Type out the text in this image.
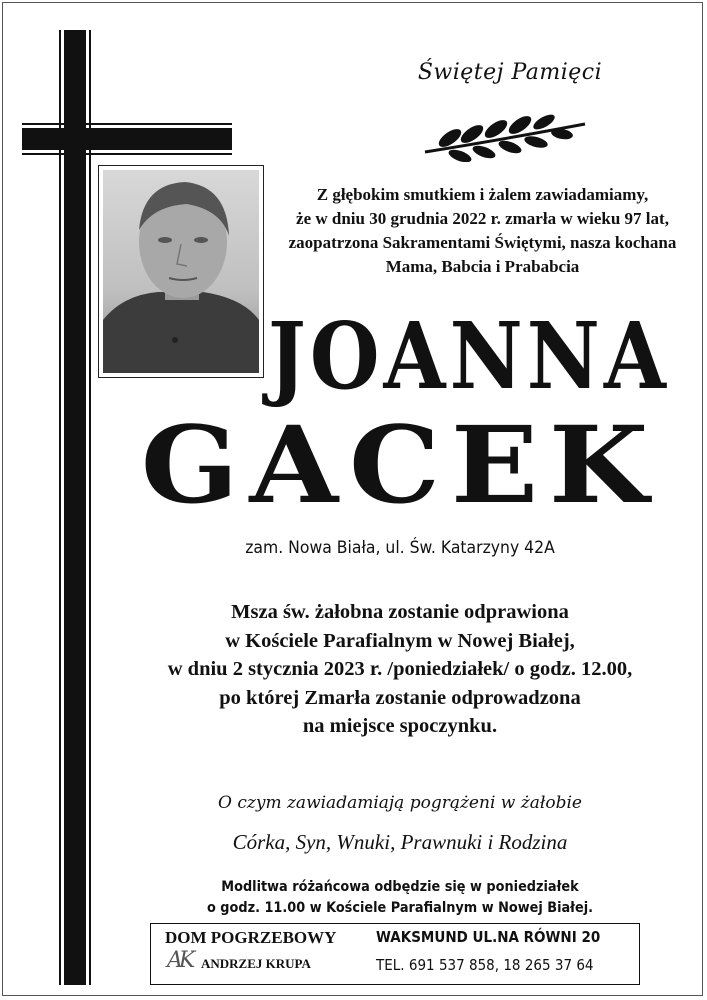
Świętej Pamięci
Z głębokim smutkiem i żalem zawiadamiamy,
że w dniu 30 grudnia 2022 r. zmarła w wieku 97 lat,
zaopatrzona Sakramentami Świętymi, nasza kochana
Mama, Babcia i Prababcia
JOANNA
GACEK
zam. Nowa Biała, ul. Św. Katarzyny 42A
Msza św. żałobna zostanie odprawiona
w Kościele Parafialnym w Nowej Białej,
w dniu 2 stycznia 2023 r. /poniedziałek/ o godz. 12.00,
po której Zmarła zostanie odprowadzona
na miejsce spoczynku.
O czym zawiadamiają pogrążeni w żałobie
Córka, Syn, Wnuki, Prawnuki i Rodzina
Modlitwa różańcowa odbędzie się w poniedziałek
o godz. 11.00 w Kościele Parafialnym w Nowej Białej.
DOM POGRZEBOWY
AK ANDRZEJ KRUPA
WAKSMUND UL.NA RÓWNI 20
TEL. 691 537 858, 18 265 37 64
